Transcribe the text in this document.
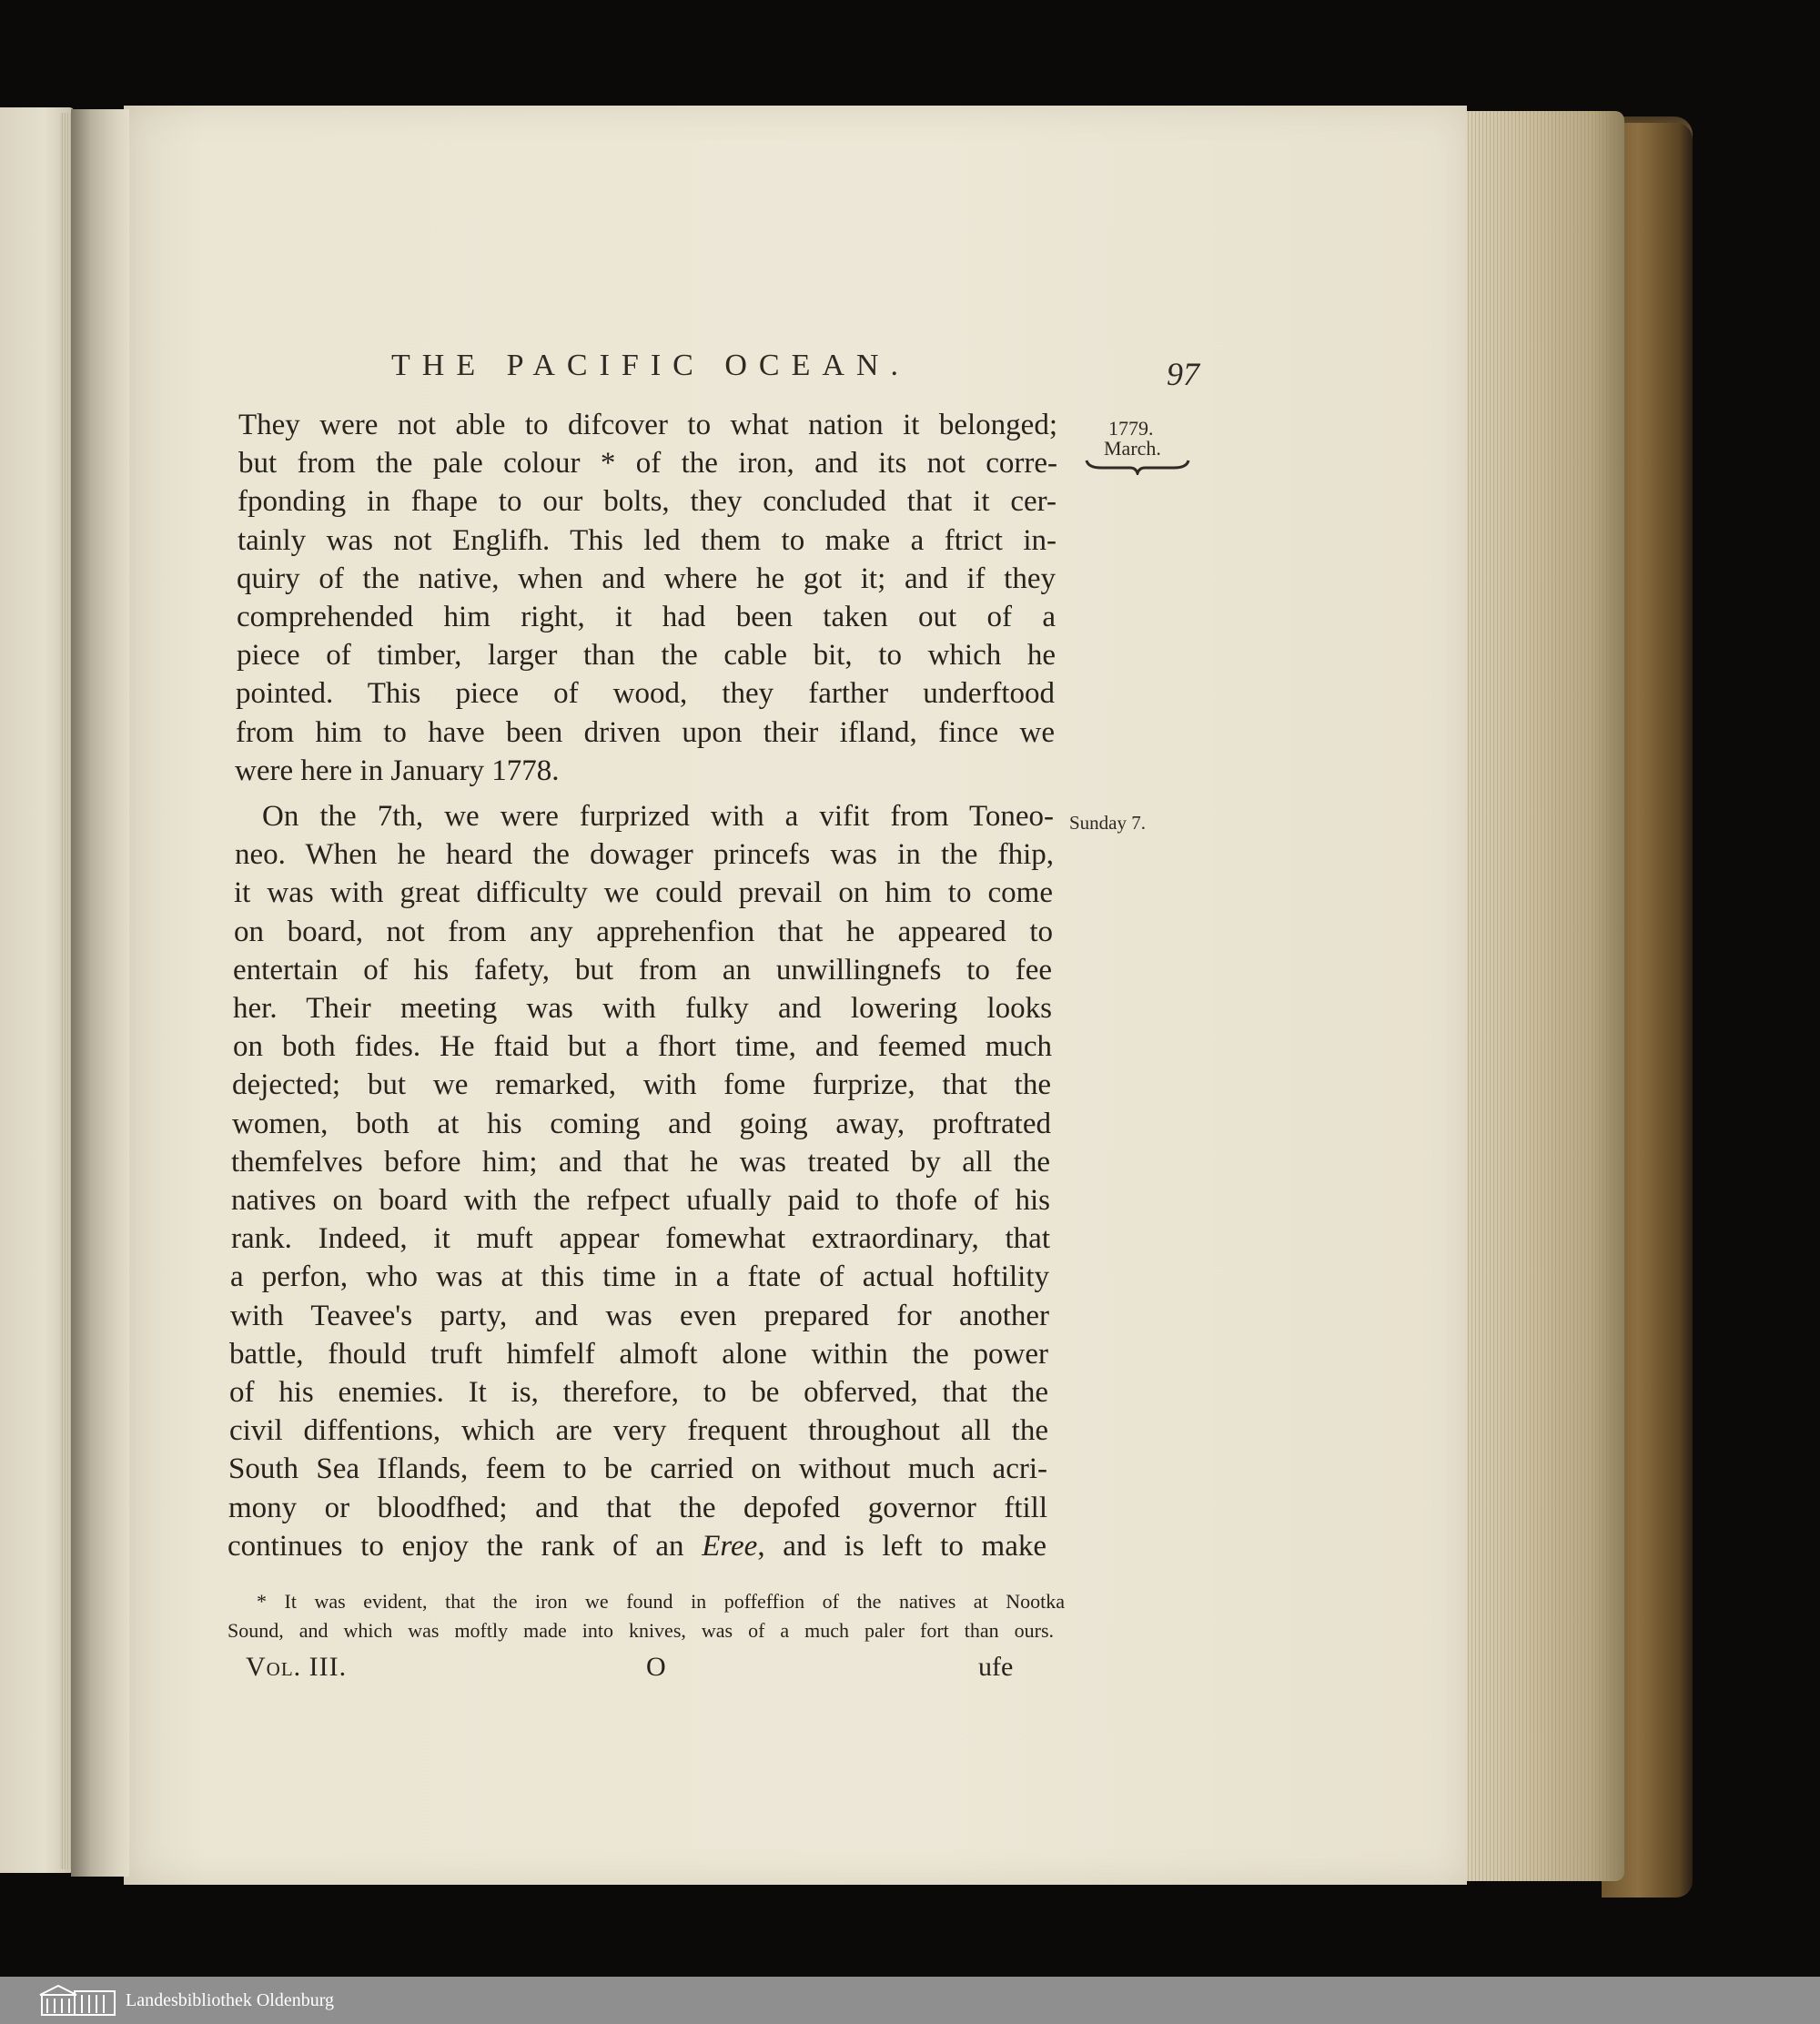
THE PACIFIC OCEAN.	97
1779.
March.
Sunday 7.
They were not able to difcover to what nation it belonged;
but from the pale colour * of the iron, and its not corre-
fponding in fhape to our bolts, they concluded that it cer-
tainly was not Englifh. This led them to make a ftrict in-
quiry of the native, when and where he got it; and if they
comprehended him right, it had been taken out of a
piece of timber, larger than the cable bit, to which he
pointed. This piece of wood, they farther underftood
from him to have been driven upon their ifland, fince we
were here in January 1778.
On the 7th, we were furprized with a vifit from Toneo-
neo. When he heard the dowager princefs was in the fhip,
it was with great difficulty we could prevail on him to come
on board, not from any apprehenfion that he appeared to
entertain of his fafety, but from an unwillingnefs to fee
her. Their meeting was with fulky and lowering looks
on both fides. He ftaid but a fhort time, and feemed much
dejected; but we remarked, with fome furprize, that the
women, both at his coming and going away, proftrated
themfelves before him; and that he was treated by all the
natives on board with the refpect ufually paid to thofe of his
rank. Indeed, it muft appear fomewhat extraordinary, that
a perfon, who was at this time in a ftate of actual hoftility
with Teavee's party, and was even prepared for another
battle, fhould truft himfelf almoft alone within the power
of his enemies. It is, therefore, to be obferved, that the
civil diffentions, which are very frequent throughout all the
South Sea Iflands, feem to be carried on without much acri-
mony or bloodfhed; and that the depofed governor ftill
continues to enjoy the rank of an Eree, and is left to make
* It was evident, that the iron we found in poffeffion of the natives at Nootka
Sound, and which was moftly made into knives, was of a much paler fort than ours.
Vol. III.	O	ufe
Landesbibliothek Oldenburg
